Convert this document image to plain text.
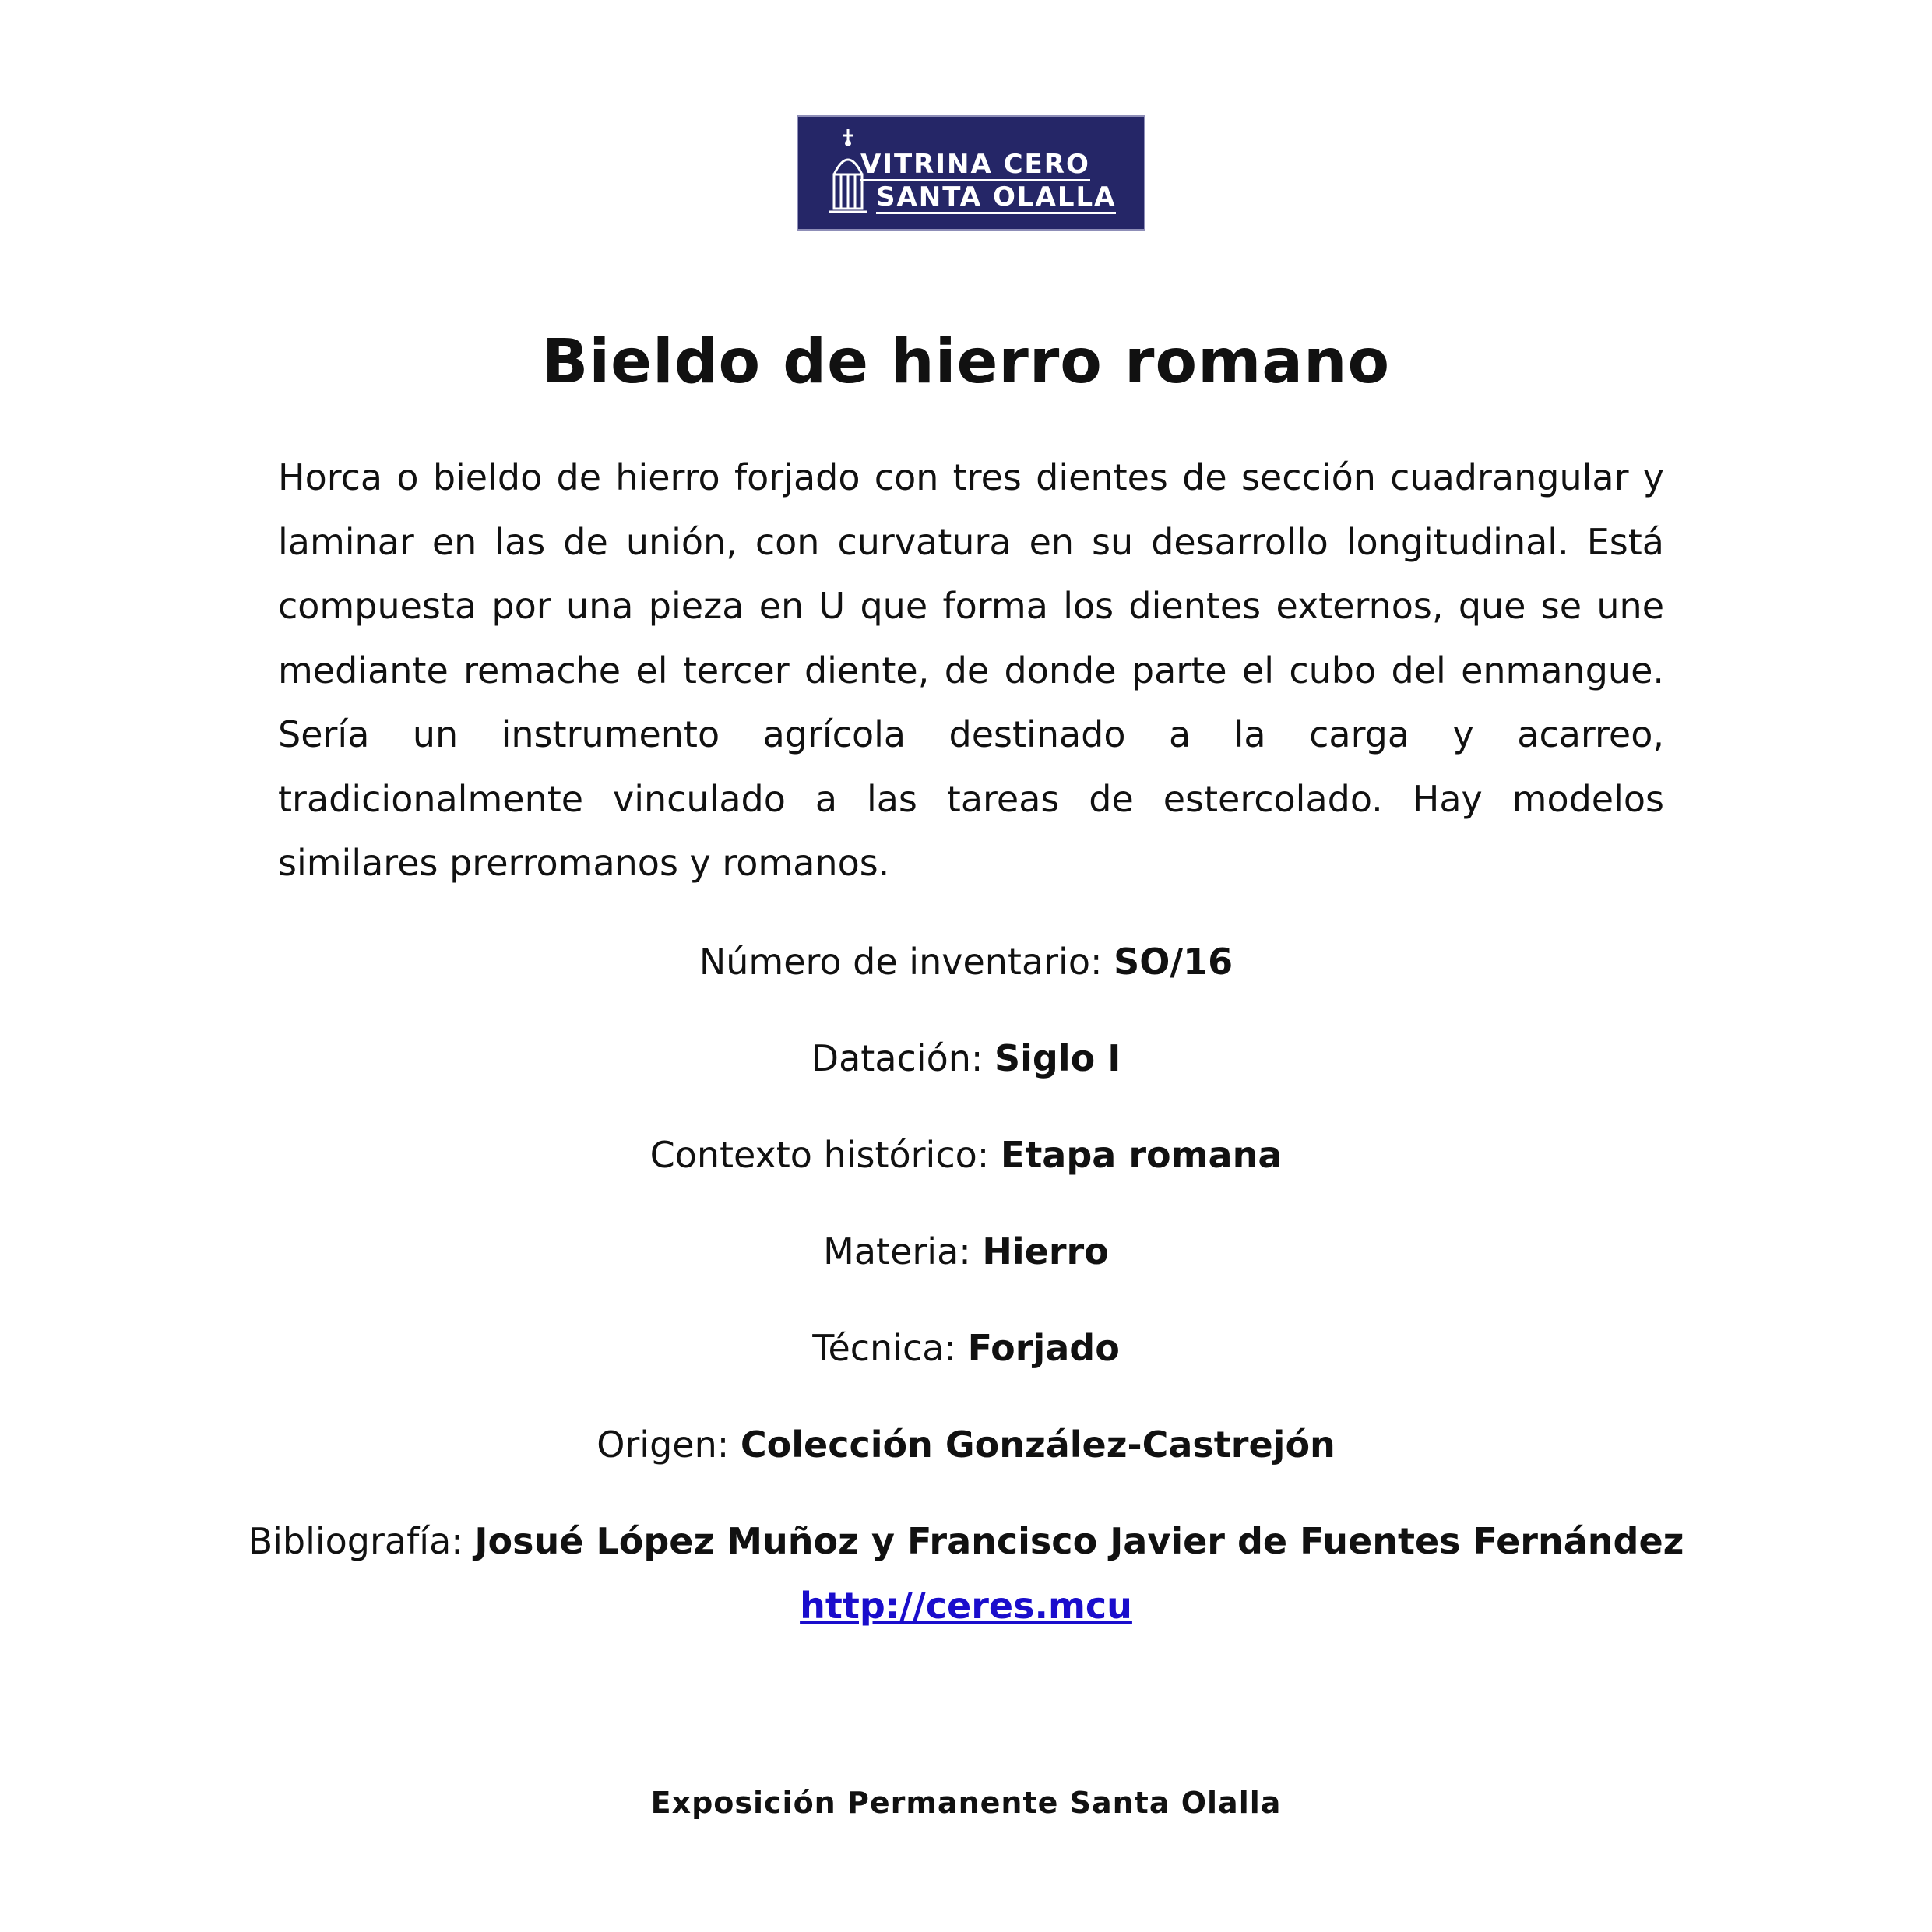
VITRINA CERO
SANTA OLALLA
Bieldo de hierro romano

Horca o bieldo de hierro forjado con tres dientes de sección cuadrangular y laminar en las de unión, con curvatura en su desarrollo longitudinal. Está compuesta por una pieza en U que forma los dientes externos, que se une mediante remache el tercer diente, de donde parte el cubo del enmangue. Sería un instrumento agrícola destinado a la carga y acarreo, tradicionalmente vinculado a las tareas de estercolado. Hay modelos similares prerromanos y romanos.

Número de inventario: SO/16

Datación: Siglo I

Contexto histórico: Etapa romana

Materia: Hierro

Técnica: Forjado

Origen: Colección González-Castrejón

Bibliografía: Josué López Muñoz y Francisco Javier de Fuentes Fernández

http://ceres.mcu

Exposición Permanente Santa Olalla
